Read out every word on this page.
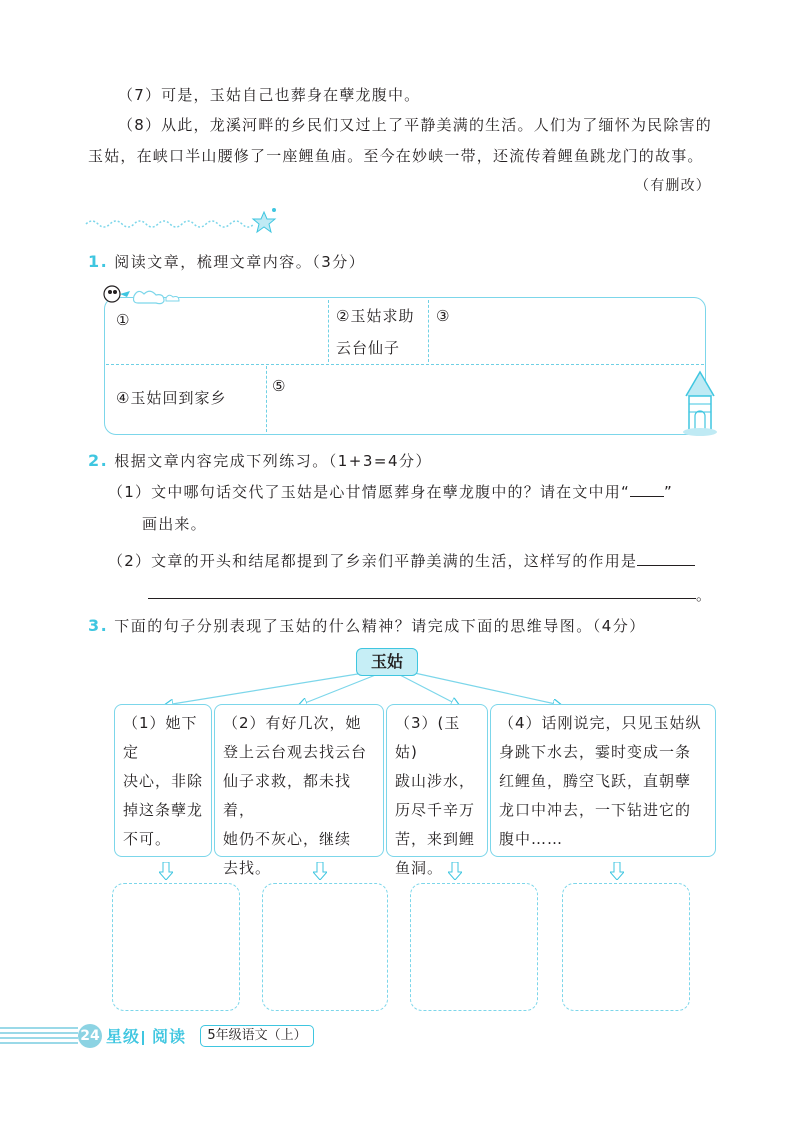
（7）可是，玉姑自己也葬身在孽龙腹中。
（8）从此，龙溪河畔的乡民们又过上了平静美满的生活。人们为了缅怀为民除害的
玉姑，在峡口半山腰修了一座鲤鱼庙。至今在妙峡一带，还流传着鲤鱼跳龙门的故事。
（有删改）
1. 阅读文章，梳理文章内容。（3分）
①	②玉姑求助
云台仙子
③
④玉姑回到家乡
⑤
2. 根据文章内容完成下列练习。（1+3=4分）
（1）文中哪句话交代了玉姑是心甘情愿葬身在孽龙腹中的？请在文中用“ ”
画出来。
（2）文章的开头和结尾都提到了乡亲们平静美满的生活，这样写的作用是
。
3. 下面的句子分别表现了玉姑的什么精神？请完成下面的思维导图。（4分）
玉姑
（1）她下定
决心，非除
掉这条孽龙
不可。
（2）有好几次，她
登上云台观去找云台
仙子求救，都未找着，
她仍不灰心，继续
去找。
（3）(玉姑)
跋山涉水，
历尽千辛万
苦，来到鲤
鱼洞。
（4）话刚说完，只见玉姑纵
身跳下水去，霎时变成一条
红鲤鱼，腾空飞跃，直朝孽
龙口中冲去，一下钻进它的
腹中……
24 星级 阅读	5年级语文（上）
